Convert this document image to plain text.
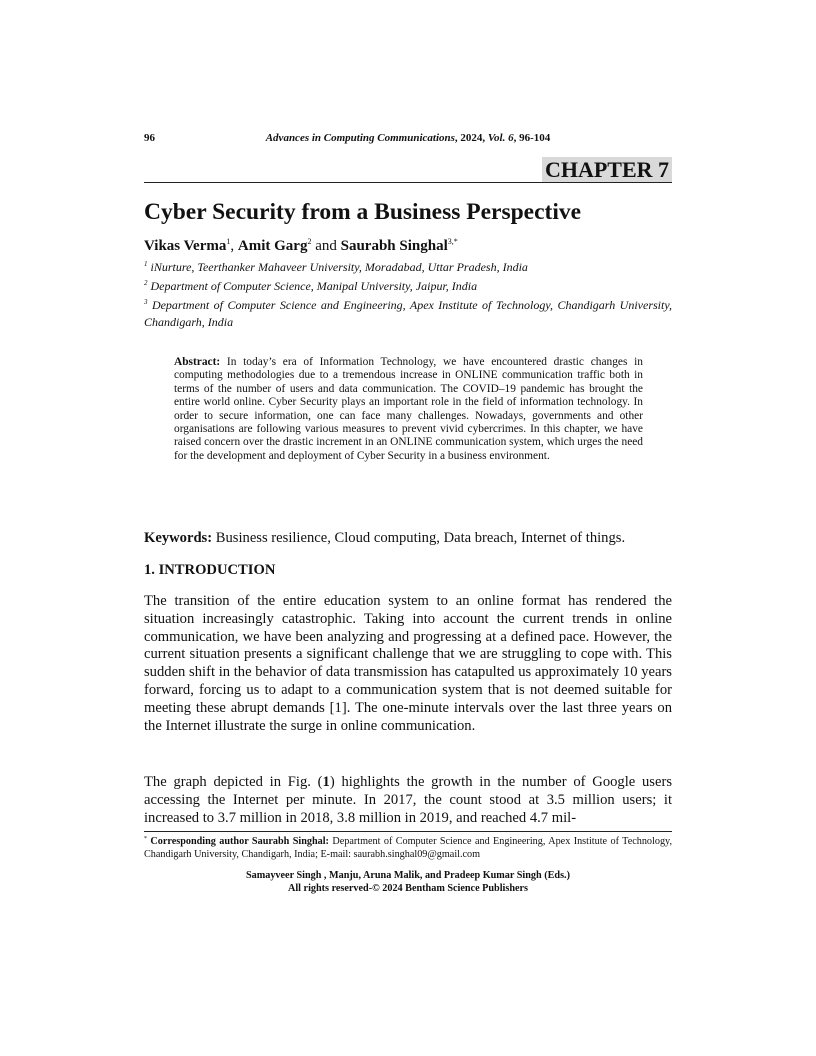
96	Advances in Computing Communications, 2024, Vol. 6, 96-104
CHAPTER 7
Cyber Security from a Business Perspective
Vikas Verma$^1$, Amit Garg$^2$ and Saurabh Singhal$^{3,*}$
$^1$ iNurture, Teerthanker Mahaveer University, Moradabad, Uttar Pradesh, India
$^2$ Department of Computer Science, Manipal University, Jaipur, India
$^3$ Department of Computer Science and Engineering, Apex Institute of Technology, Chandigarh University, Chandigarh, India
Abstract: In today’s era of Information Technology, we have encountered drastic changes in computing methodologies due to a tremendous increase in ONLINE communication traffic both in terms of the number of users and data communication. The COVID–19 pandemic has brought the entire world online. Cyber Security plays an important role in the field of information technology. In order to secure information, one can face many challenges. Nowadays, governments and other organisations are following various measures to prevent vivid cybercrimes. In this chapter, we have raised concern over the drastic increment in an ONLINE communication system, which urges the need for the development and deployment of Cyber Security in a business environment.
Keywords: Business resilience, Cloud computing, Data breach, Internet of things.
1. INTRODUCTION
The transition of the entire education system to an online format has rendered the situation increasingly catastrophic. Taking into account the current trends in online communication, we have been analyzing and progressing at a defined pace. However, the current situation presents a significant challenge that we are struggling to cope with. This sudden shift in the behavior of data transmission has catapulted us approximately 10 years forward, forcing us to adapt to a communication system that is not deemed suitable for meeting these abrupt demands [1]. The one-minute intervals over the last three years on the Internet illustrate the surge in online communication.
The graph depicted in Fig. (1) highlights the growth in the number of Google users accessing the Internet per minute. In 2017, the count stood at 3.5 million users; it increased to 3.7 million in 2018, 3.8 million in 2019, and reached 4.7 mil-
* Corresponding author Saurabh Singhal: Department of Computer Science and Engineering, Apex Institute of Technology, Chandigarh University, Chandigarh, India; E-mail: saurabh.singhal09@gmail.com
Samayveer Singh , Manju, Aruna Malik, and Pradeep Kumar Singh (Eds.)
All rights reserved-© 2024 Bentham Science Publishers
